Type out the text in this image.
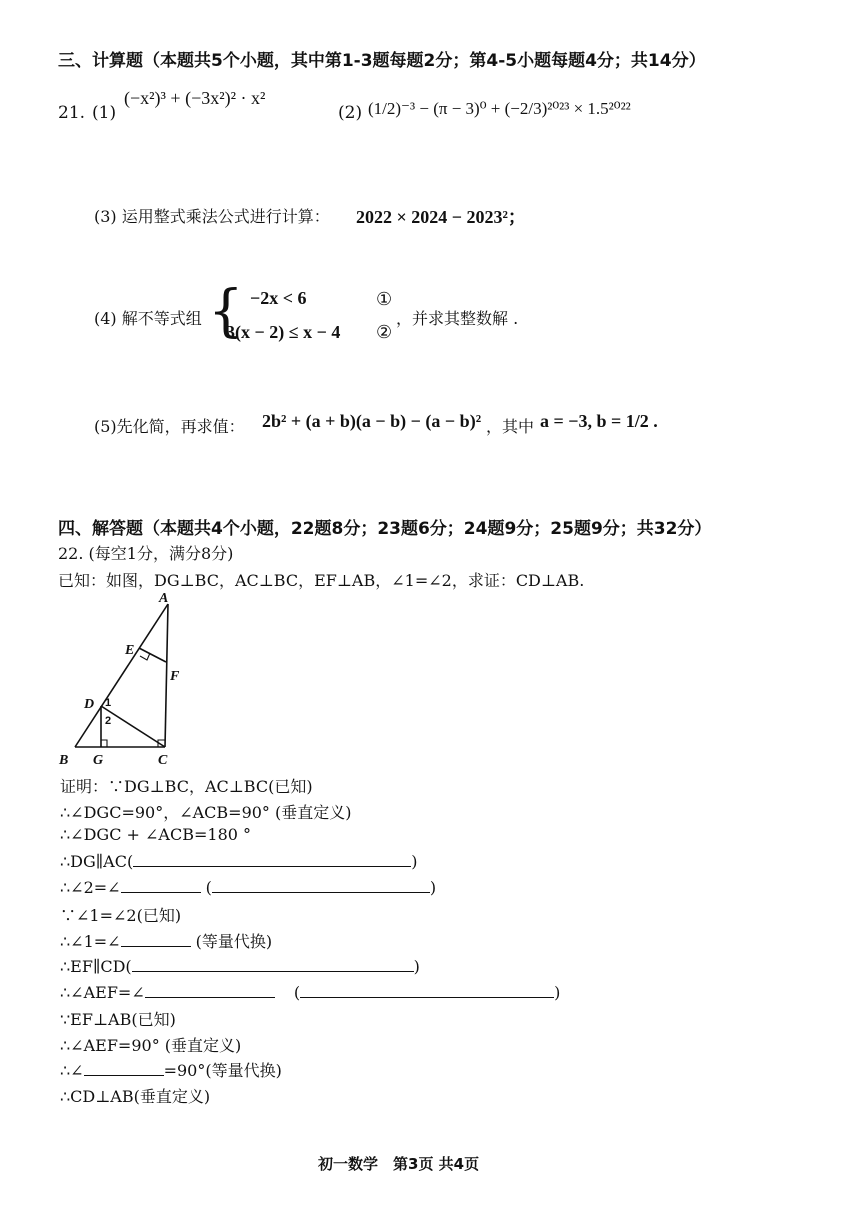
三、计算题（本题共5个小题，其中第1-3题每题2分；第4-5小题每题4分；共14分）
21. (1)
(−x²)³ + (−3x²)² · x²
(2) (1/2)⁻³ − (π − 3)⁰ + (−2/3)²⁰²³ × 1.5²⁰²²
(3) 运用整式乘法公式进行计算： 2022 × 2024 − 2023²；
(4) 解不等式组 { −2x < 6	①
3(x − 2) ≤ x − 4 ②
，并求其整数解 .
(5)先化简，再求值： 2b² + (a + b)(a − b) − (a − b)² ，其中 a = −3, b = 1/2 .
四、解答题（本题共4个小题，22题8分；23题6分；24题9分；25题9分；共32分）
22. (每空1分，满分8分)
已知：如图，DG⊥BC，AC⊥BC，EF⊥AB，∠1=∠2，求证：CD⊥AB.
A
E
F
D
B G	C
1
2
证明：∵DG⊥BC，AC⊥BC(已知)
∴∠DGC=90°，∠ACB=90° (垂直定义)
∴∠DGC + ∠ACB=180 °
∴DG∥AC(	)
∴∠2=∠	(	)
∵∠1=∠2(已知)
∴∠1=∠	(等量代换)
∴EF∥CD(	)
∴∠AEF=∠	(	)
∵EF⊥AB(已知)
∴∠AEF=90° (垂直定义)
∴∠	=90°(等量代换)
∴CD⊥AB(垂直定义)
初一数学　第3页 共4页
